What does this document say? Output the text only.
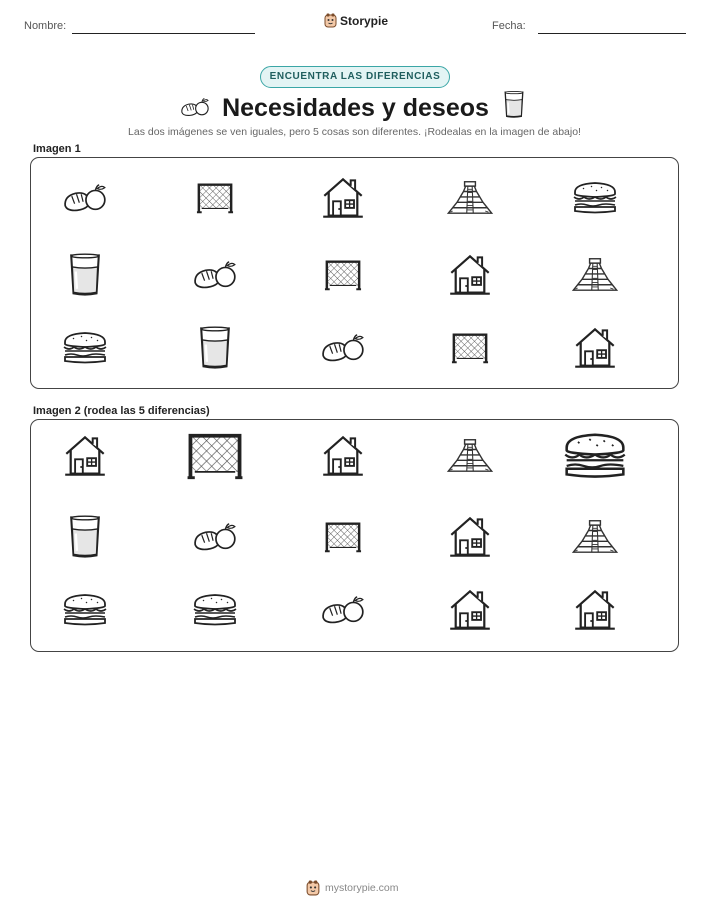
Nombre:	Storypie	Fecha:
ENCUENTRA LAS DIFERENCIAS
Necesidades y deseos
Las dos imágenes se ven iguales, pero 5 cosas son diferentes. ¡Rodealas en la imagen de abajo!
Imagen 1
Imagen 2 (rodea las 5 diferencias)
mystorypie.com
